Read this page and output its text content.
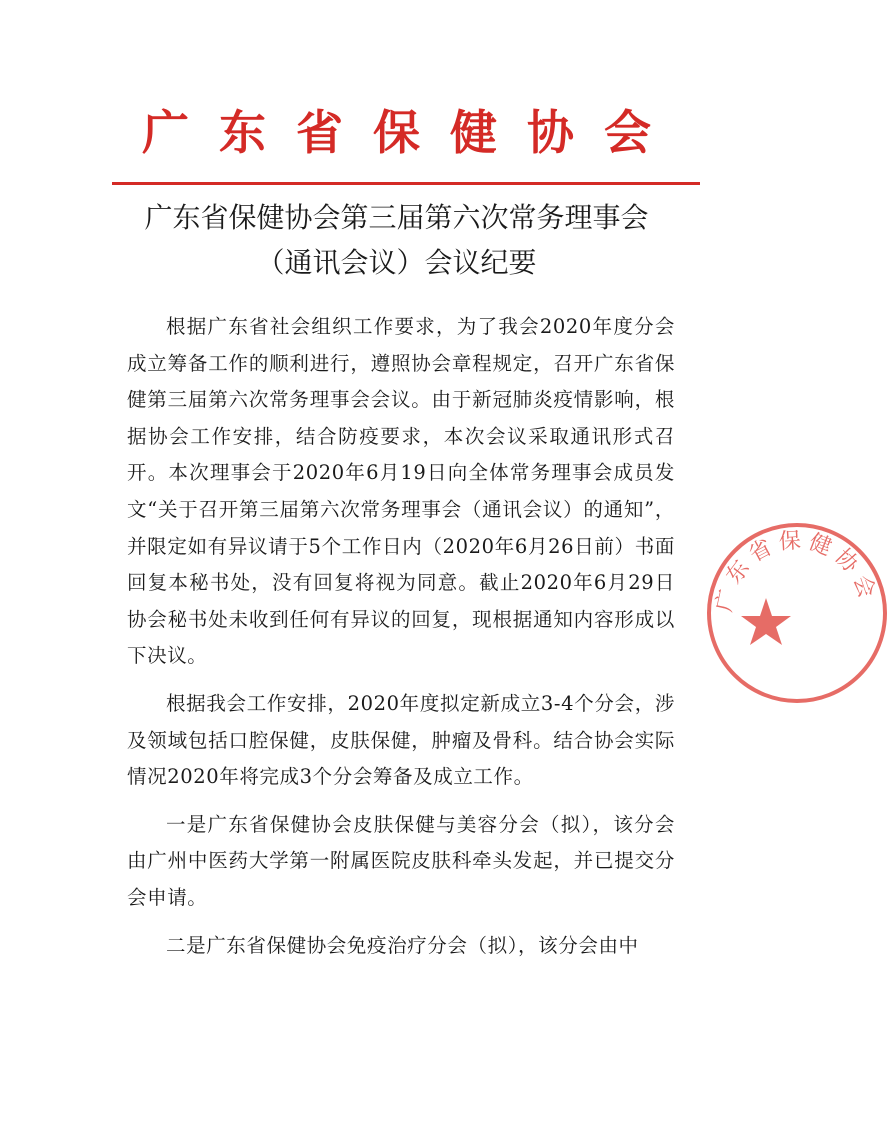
广东省保健协会
广东省保健协会第三届第六次常务理事会
（通讯会议）会议纪要

根据广东省社会组织工作要求，为了我会2020年度分会成立筹备工作的顺利进行，遵照协会章程规定，召开广东省保健第三届第六次常务理事会会议。由于新冠肺炎疫情影响，根据协会工作安排，结合防疫要求，本次会议采取通讯形式召开。本次理事会于2020年6月19日向全体常务理事会成员发文“关于召开第三届第六次常务理事会（通讯会议）的通知”，并限定如有异议请于5个工作日内（2020年6月26日前）书面回复本秘书处，没有回复将视为同意。截止2020年6月29日协会秘书处未收到任何有异议的回复，现根据通知内容形成以下决议。

根据我会工作安排，2020年度拟定新成立3-4个分会，涉及领域包括口腔保健，皮肤保健，肿瘤及骨科。结合协会实际情况2020年将完成3个分会筹备及成立工作。

一是广东省保健协会皮肤保健与美容分会（拟），该分会由广州中医药大学第一附属医院皮肤科牵头发起，并已提交分会申请。

二是广东省保健协会免疫治疗分会（拟），该分会由中

广东省保健协会
